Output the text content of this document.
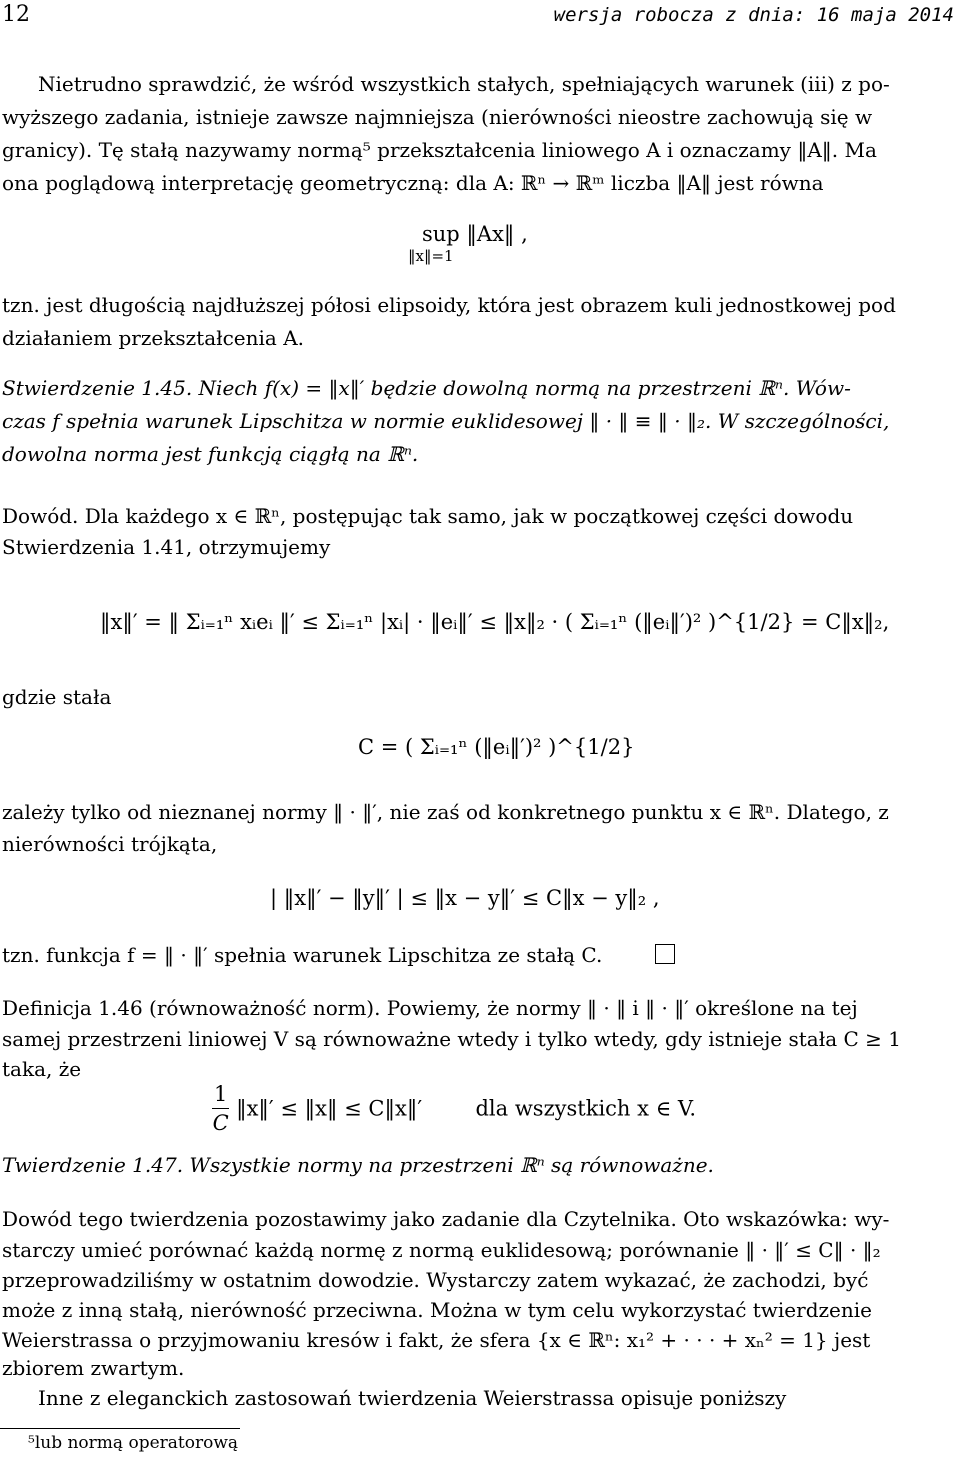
12	wersja robocza z dnia: 16 maja 2014
Nietrudno sprawdzić, że wśród wszystkich stałych, spełniających warunek (iii) z po-
wyższego zadania, istnieje zawsze najmniejsza (nierówności nieostre zachowują się w
granicy). Tę stałą nazywamy normą⁵ przekształcenia liniowego A i oznaczamy ‖A‖. Ma
ona poglądową interpretację geometryczną: dla A: ℝⁿ → ℝᵐ liczba ‖A‖ jest równa
sup ‖Ax‖ ,
‖x‖=1
tzn. jest długością najdłuższej półosi elipsoidy, która jest obrazem kuli jednostkowej pod
działaniem przekształcenia A.
Stwierdzenie 1.45. Niech f(x) = ‖x‖′ będzie dowolną normą na przestrzeni ℝⁿ. Wów-
czas f spełnia warunek Lipschitza w normie euklidesowej ‖ · ‖ ≡ ‖ · ‖₂. W szczególności,
dowolna norma jest funkcją ciągłą na ℝⁿ.
Dowód. Dla każdego x ∈ ℝⁿ, postępując tak samo, jak w początkowej części dowodu
Stwierdzenia 1.41, otrzymujemy
‖x‖′ = ‖ Σᵢ₌₁ⁿ xᵢeᵢ ‖′ ≤ Σᵢ₌₁ⁿ |xᵢ| · ‖eᵢ‖′ ≤ ‖x‖₂ · ( Σᵢ₌₁ⁿ (‖eᵢ‖′)² )^{1/2} = C‖x‖₂,
gdzie stała
C = ( Σᵢ₌₁ⁿ (‖eᵢ‖′)² )^{1/2}
zależy tylko od nieznanej normy ‖ · ‖′, nie zaś od konkretnego punktu x ∈ ℝⁿ. Dlatego, z
nierówności trójkąta,
| ‖x‖′ − ‖y‖′ | ≤ ‖x − y‖′ ≤ C‖x − y‖₂ ,
tzn. funkcja f = ‖ · ‖′ spełnia warunek Lipschitza ze stałą C.
Definicja 1.46 (równoważność norm). Powiemy, że normy ‖ · ‖ i ‖ · ‖′ określone na tej
samej przestrzeni liniowej V są równoważne wtedy i tylko wtedy, gdy istnieje stała C ≥ 1
taka, że
$\frac{1}{C}$ ‖x‖′ ≤ ‖x‖ ≤ C‖x‖′	dla wszystkich x ∈ V.
Twierdzenie 1.47. Wszystkie normy na przestrzeni ℝⁿ są równoważne.
Dowód tego twierdzenia pozostawimy jako zadanie dla Czytelnika. Oto wskazówka: wy-
starczy umieć porównać każdą normę z normą euklidesową; porównanie ‖ · ‖′ ≤ C‖ · ‖₂
przeprowadziliśmy w ostatnim dowodzie. Wystarczy zatem wykazać, że zachodzi, być
może z inną stałą, nierówność przeciwna. Można w tym celu wykorzystać twierdzenie
Weierstrassa o przyjmowaniu kresów i fakt, że sfera {x ∈ ℝⁿ: x₁² + · · · + xₙ² = 1} jest
zbiorem zwartym.
Inne z eleganckich zastosowań twierdzenia Weierstrassa opisuje poniższy
⁵lub normą operatorową
